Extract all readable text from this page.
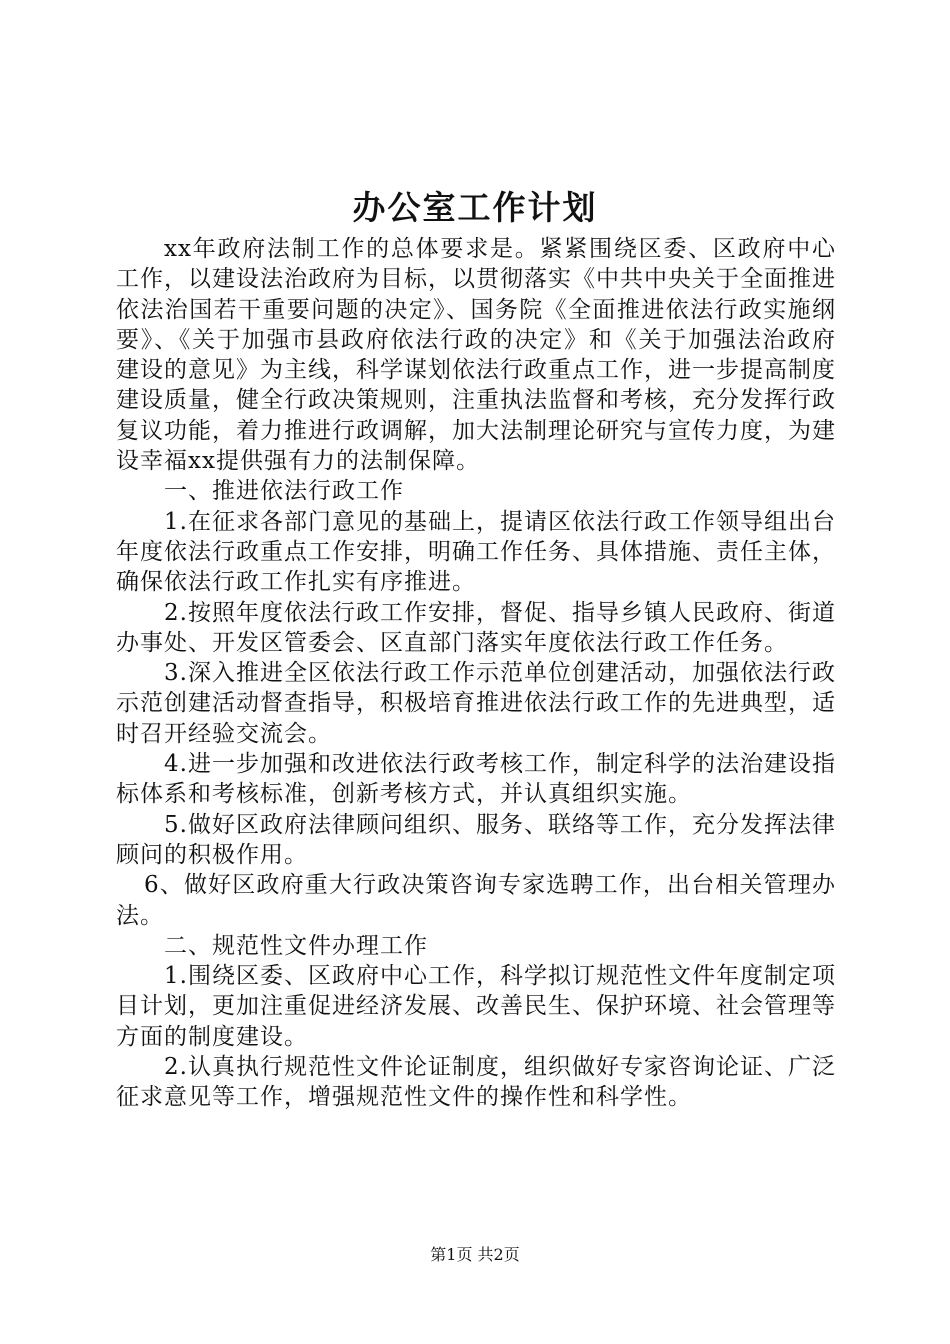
办公室工作计划

xx年政府法制工作的总体要求是。紧紧围绕区委、区政府中心工作，以建设法治政府为目标，以贯彻落实《中共中央关于全面推进依法治国若干重要问题的决定》、国务院《全面推进依法行政实施纲要》、《关于加强市县政府依法行政的决定》和《关于加强法治政府建设的意见》为主线，科学谋划依法行政重点工作，进一步提高制度建设质量，健全行政决策规则，注重执法监督和考核，充分发挥行政复议功能，着力推进行政调解，加大法制理论研究与宣传力度，为建设幸福xx提供强有力的法制保障。

一、推进依法行政工作

1.在征求各部门意见的基础上，提请区依法行政工作领导组出台年度依法行政重点工作安排，明确工作任务、具体措施、责任主体，确保依法行政工作扎实有序推进。

2.按照年度依法行政工作安排，督促、指导乡镇人民政府、街道办事处、开发区管委会、区直部门落实年度依法行政工作任务。

3.深入推进全区依法行政工作示范单位创建活动，加强依法行政示范创建活动督查指导，积极培育推进依法行政工作的先进典型，适时召开经验交流会。

4.进一步加强和改进依法行政考核工作，制定科学的法治建设指标体系和考核标准，创新考核方式，并认真组织实施。

5.做好区政府法律顾问组织、服务、联络等工作，充分发挥法律顾问的积极作用。

6、做好区政府重大行政决策咨询专家选聘工作，出台相关管理办法。

二、规范性文件办理工作

1.围绕区委、区政府中心工作，科学拟订规范性文件年度制定项目计划，更加注重促进经济发展、改善民生、保护环境、社会管理等方面的制度建设。

2.认真执行规范性文件论证制度，组织做好专家咨询论证、广泛征求意见等工作，增强规范性文件的操作性和科学性。

第1页 共2页
